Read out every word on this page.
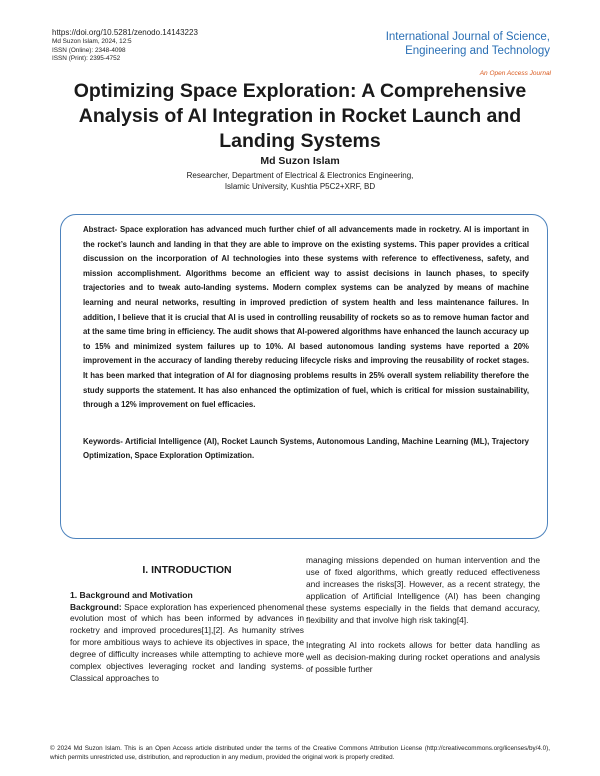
https://doi.org/10.5281/zenodo.14143223
Md Suzon Islam, 2024, 12:5
ISSN (Online): 2348-4098
ISSN (Print): 2395-4752
International Journal of Science,
Engineering and Technology
An Open Access Journal
Optimizing Space Exploration: A Comprehensive Analysis of AI Integration in Rocket Launch and Landing Systems
Md Suzon Islam
Researcher, Department of Electrical & Electronics Engineering,
Islamic University, Kushtia P5C2+XRF, BD

Abstract- Space exploration has advanced much further chief of all advancements made in rocketry. AI is important in the rocket’s launch and landing in that they are able to improve on the existing systems. This paper provides a critical discussion on the incorporation of AI technologies into these systems with reference to effectiveness, safety, and mission accomplishment. Algorithms become an efficient way to assist decisions in launch phases, to specify trajectories and to tweak auto-landing systems. Modern complex systems can be analyzed by means of machine learning and neural networks, resulting in improved prediction of system health and less maintenance failures. In addition, I believe that it is crucial that AI is used in controlling reusability of rockets so as to remove human factor and at the same time bring in efficiency. The audit shows that AI-powered algorithms have enhanced the launch accuracy up to 15% and minimized system failures up to 10%. AI based autonomous landing systems have reported a 20% improvement in the accuracy of landing thereby reducing lifecycle risks and improving the reusability of rocket stages. It has been marked that integration of AI for diagnosing problems results in 25% overall system reliability therefore the study supports the statement. It has also enhanced the optimization of fuel, which is critical for mission sustainability, through a 12% improvement on fuel efficacies.

Keywords- Artificial Intelligence (AI), Rocket Launch Systems, Autonomous Landing, Machine Learning (ML), Trajectory Optimization, Space Exploration Optimization.

I. INTRODUCTION

1. Background and Motivation

Background: Space exploration has experienced phenomenal evolution most of which has been informed by advances in rocketry and improved procedures[1],[2]. As humanity strives for more ambitious ways to achieve its objectives in space, the degree of difficulty increases while attempting to achieve more complex objectives leveraging rocket and landing systems. Classical approaches to

managing missions depended on human intervention and the use of fixed algorithms, which greatly reduced effectiveness and increases the risks[3]. However, as a recent strategy, the application of Artificial Intelligence (AI) has been changing these systems especially in the fields that demand accuracy, flexibility and that involve high risk taking[4].

Integrating AI into rockets allows for better data handling as well as decision-making during rocket operations and analysis of possible further

© 2024 Md Suzon Islam. This is an Open Access article distributed under the terms of the Creative Commons Attribution License (http://creativecommons.org/licenses/by/4.0), which permits unrestricted use, distribution, and reproduction in any medium, provided the original work is properly credited.
